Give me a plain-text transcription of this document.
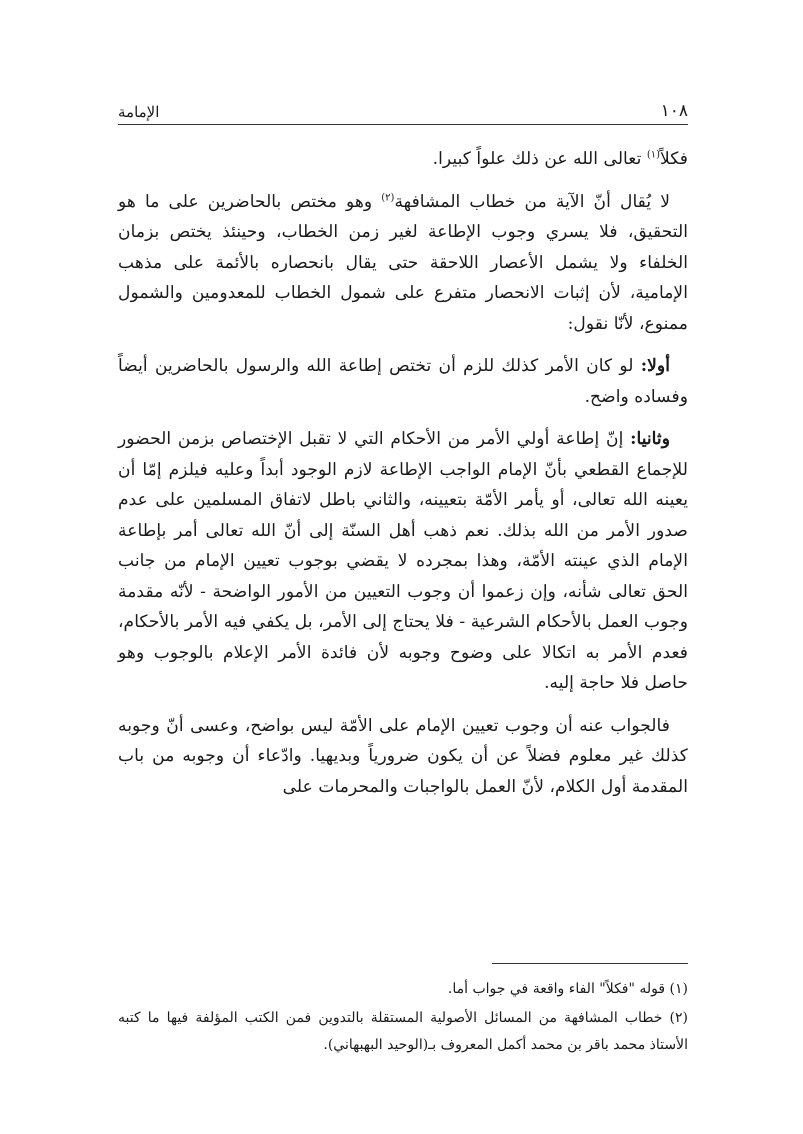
١٠٨
الإمامة

فكلاً$^{(١)}$ تعالى الله عن ذلك علواً كبيرا.

لا يُقال أنّ الآية من خطاب المشافهة$^{(٢)}$ وهو مختص بالحاضرين على ما هو التحقيق، فلا يسري وجوب الإطاعة لغير زمن الخطاب، وحينئذ يختص بزمان الخلفاء ولا يشمل الأعصار اللاحقة حتى يقال بانحصاره بالأئمة على مذهب الإمامية، لأن إثبات الانحصار متفرع على شمول الخطاب للمعدومين والشمول ممنوع، لأنّا نقول:

أولا: لو كان الأمر كذلك للزم أن تختص إطاعة الله والرسول بالحاضرين أيضاً وفساده واضح.

وثانيا: إنّ إطاعة أولي الأمر من الأحكام التي لا تقبل الإختصاص بزمن الحضور للإجماع القطعي بأنّ الإمام الواجب الإطاعة لازم الوجود أبداً وعليه فيلزم إمّا أن يعينه الله تعالى، أو يأمر الأمّة بتعيينه، والثاني باطل لاتفاق المسلمين على عدم صدور الأمر من الله بذلك. نعم ذهب أهل السنّة إلى أنّ الله تعالى أمر بإطاعة الإمام الذي عينته الأمّة، وهذا بمجرده لا يقضي بوجوب تعيين الإمام من جانب الحق تعالى شأنه، وإن زعموا أن وجوب التعيين من الأمور الواضحة - لأنّه مقدمة وجوب العمل بالأحكام الشرعية - فلا يحتاج إلى الأمر، بل يكفي فيه الأمر بالأحكام، فعدم الأمر به اتكالا على وضوح وجوبه لأن فائدة الأمر الإعلام بالوجوب وهو حاصل فلا حاجة إليه.

فالجواب عنه أن وجوب تعيين الإمام على الأمّة ليس بواضح، وعسى أنّ وجوبه كذلك غير معلوم فضلاً عن أن يكون ضرورياً وبديهيا. وادّعاء أن وجوبه من باب المقدمة أول الكلام، لأنّ العمل بالواجبات والمحرمات على

(١) قوله "فكلاً" الفاء واقعة في جواب أما.

(٢) خطاب المشافهة من المسائل الأصولية المستقلة بالتدوين فمن الكتب المؤلفة فيها ما كتبه الأستاذ محمد باقر بن محمد أكمل المعروف بـ(الوحيد البهبهاني).
